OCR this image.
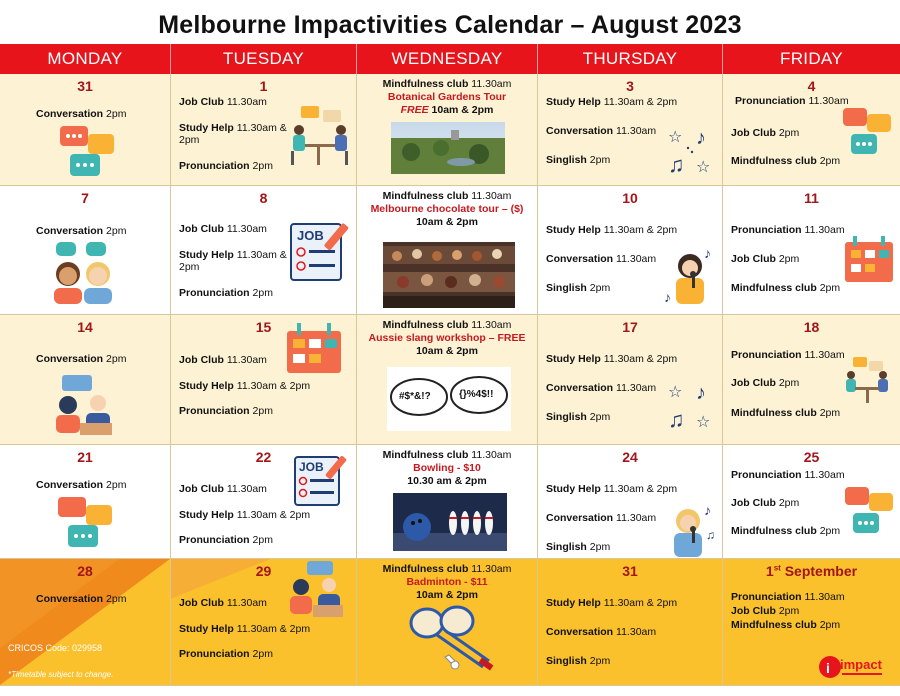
Melbourne Impactivities Calendar – August 2023
MONDAY	TUESDAY	WEDNESDAY	THURSDAY	FRIDAY
31
Conversation 2pm
1
Job Club 11.30am
Study Help 11.30am & 2pm
Pronunciation 2pm
Mindfulness club 11.30am
Botanical Gardens Tour
FREE 10am & 2pm
3
Study Help 11.30am & 2pm
Conversation 11.30am
Singlish 2pm
☆ ♪
♫ ☆
4
Pronunciation 11.30am
Job Club 2pm
Mindfulness club 2pm
7
Conversation 2pm
8
Job Club 11.30am
Study Help 11.30am & 2pm
Pronunciation 2pm
JOB
Mindfulness club 11.30am
Melbourne chocolate tour – ($)
10am & 2pm
10
Study Help 11.30am & 2pm
Conversation 11.30am
Singlish 2pm
♪
♪
11
Pronunciation 11.30am
Job Club 2pm
Mindfulness club 2pm
14
Conversation 2pm
15
Job Club 11.30am
Study Help 11.30am & 2pm
Pronunciation 2pm
Mindfulness club 11.30am
Aussie slang workshop – FREE
10am & 2pm
#$*&!?	{}%4$!!
17
Study Help 11.30am & 2pm
Conversation 11.30am
Singlish 2pm
☆ ♪
♫ ☆
18
Pronunciation 11.30am
Job Club 2pm
Mindfulness club 2pm
21
Conversation 2pm
22
Job Club 11.30am
Study Help 11.30am & 2pm
Pronunciation 2pm
JOB
Mindfulness club 11.30am
Bowling - $10
10.30 am & 2pm
24
Study Help 11.30am & 2pm
Conversation 11.30am
Singlish 2pm
♪
♫
25
Pronunciation 11.30am
Job Club 2pm
Mindfulness club 2pm
28
Conversation 2pm
CRICOS Code: 029958
*Timetable subject to change.
29
Job Club 11.30am
Study Help 11.30am & 2pm
Pronunciation 2pm
Mindfulness club 11.30am
Badminton - $11
10am & 2pm
31
Study Help 11.30am & 2pm
Conversation 11.30am
Singlish 2pm
1st September
Pronunciation 11.30am
Job Club 2pm
Mindfulness club 2pm
i impact
